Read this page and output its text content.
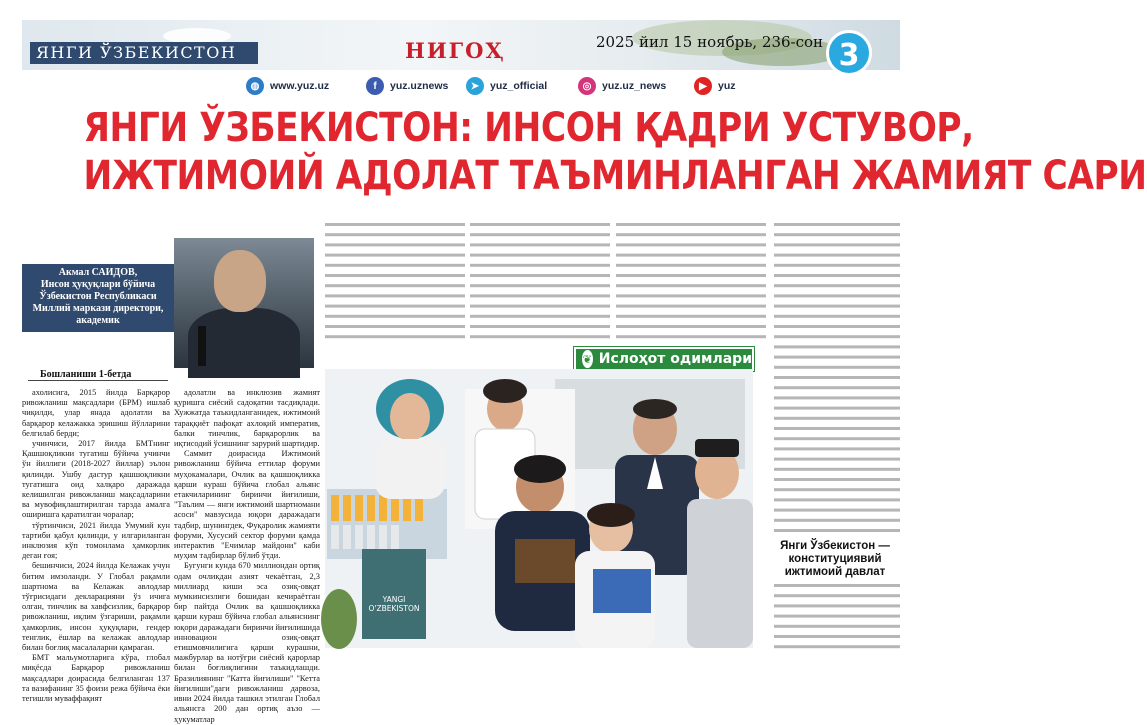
ЯНГИ ЎЗБЕКИСТОН	НИГОҲ	2025 йил 15 ноябрь, 236-сон 3
◍	www.yuz.uz	f	yuz.uznews	➤	yuz_official	◎	yuz.uz_news	▶	yuz
ЯНГИ ЎЗБЕКИСТОН: ИНСОН ҚАДРИ УСТУВОР,
ИЖТИМОИЙ АДОЛАТ ТАЪМИНЛАНГАН ЖАМИЯТ САРИ
Акмал САИДОВ,
Инсон ҳуқуқлари бўйича
Ўзбекистон Республикаси
Миллий маркази директори,
академик
Бошланиши 1-бетда

ахолисига, 2015 йилда Барқарор ривожланиш мақсадлари (БРМ) ишлаб чиқилди, улар янада адолатли ва барқарор келажакка эришиш йўлларини белгилаб берди;

учинчиси, 2017 йилда БМТнинг Қашшоқликни тугатиш бўйича учинчи ўн йиллиги (2018-2027 йиллар) эълон қилинди. Ушбу дастур қашшоқликни тугатишга оид халқаро даражада келишилган ривожланиш мақсадларини ва мувофиқлаштирилган тарзда амалга оширишга қаратилган чоралар;

тўртинчиси, 2021 йилда Умумий кун тартиби қабул қилинди, у илгариланган инклюзия кўп томонлама ҳамкорлик деган ғоя;

бешинчиси, 2024 йилда Келажак учун битим имзоланди. У Глобал рақамли шартнома ва Келажак авлодлар тўғрисидаги декларацияни ўз ичига олган, тинчлик ва хавфсизлик, барқарор ривожланиш, иқлим ўзгариши, рақамли ҳамкорлик, инсон ҳуқуқлари, гендер тенглик, ёшлар ва келажак авлодлар билан боғлиқ масалаларни қамраган.

БМТ мальумотларига кўра, глобал миқёсда Барқарор ривожланиш мақсадлари доирасида белгиланган 137 та вазифанинг 35 фоизи режа бўйича ёки тегишли муваффақият

адолатли ва инклюзив жамият қуришга сиёсий садоқатни тасдиқлади. Хужжатда таъкидланганидек, ижтимоий тараққиёт пафоқат ахлоқий императив, балки тинчлик, барқарорлик ва иқтисодий ўсишнинг зарурий шартидир.

Саммит доирасида Ижтимоий ривожланиш бўйича еттилар форуми муҳокамалари, Очлик ва қашшоқликка қарши кураш бўйича глобал альянс етакчиларининг биринчи йиғилиши, "Таълим — янги ижтимоий шартномани асоси" мавзусида юқори даражадаги тадбир, шунингдек, Фуқаролик жамияти форуми, Хусусий сектор форуми қамда интерактив "Ечимлар майдони" каби муҳим тадбирлар бўлиб ўтди.

Бугунги кунда 670 миллиондан ортиқ одам очликдан азият чекаётган, 2,3 миллиард киши эса озиқ-овқат мумкинсизлиги бошидан кечираётган бир пайтда Очлик ва қашшоқликка қарши кураш бўйича глобал альянснинг юқори даражадаги биринчи йиғилишида инновацион озиқ-овқат етишмовчилигига қарши курашни, мажбурлар ва нотўғри сиёсий қарорлар билан боғлиқлигини таъкидлашди. Бразилиянинг "Катта йиғилиши" "Кетта йиғилиши"даги ривожланиш дарвоза, ивни 2024 йилда ташкил этилган Глобал альянсга 200 дан ортиқ аъзо — ҳукуматлар

❦ Ислоҳот одимлари
YANGI O'ZBEKISTON
Янги Ўзбекистон — конституциявий ижтимоий давлат
